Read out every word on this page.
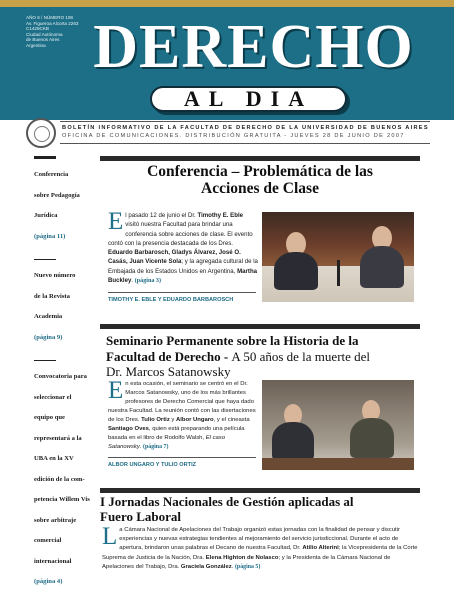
AÑO 6 / NÚMERO 108
Av. Figueroa Alcorta 2263
C1425CKB
Ciudad Autónoma
de Buenos Aires
Argentina DERECHO
AL DIA
BOLETÍN INFORMATIVO DE LA FACULTAD DE DERECHO DE LA UNIVERSIDAD DE BUENOS AIRES
OFICINA DE COMUNICACIONES. DISTRIBUCIÓN GRATUITA - JUEVES 28 DE JUNIO DE 2007
Conferencia
sobre Pedagogía
Jurídica
(página 11)
Nuevo número
de la Revista
Academia
(página 9)
Convocatoria para
seleccionar el
equipo que
representará a la
UBA en la XV
edición de la com-
petencia Willem Vis
sobre arbitraje
comercial
internacional
(página 4)
Conferencia – Problemática de las
Acciones de Clase
El pasado 12 de junio el Dr. Timothy E. Eble visitó nuestra Facultad para brindar una conferencia sobre acciones de clase. El evento contó con la presencia destacada de los Dres. Eduardo Barbarosch, Gladys Álvarez, José O. Casás, Juan Vicente Sola; y la agregada cultural de la Embajada de los Estados Unidos en Argentina, Martha Buckley. (página 3)
TIMOTHY E. EBLE Y EDUARDO BARBAROSCH
Seminario Permanente sobre la Historia de la
Facultad de Derecho - A 50 años de la muerte del
Dr. Marcos Satanowsky
En esta ocasión, el seminario se centró en el Dr. Marcos Satanowsky, uno de los más brillantes profesores de Derecho Comercial que haya dado nuestra Facultad. La reunión contó con las disertaciones de los Dres. Tulio Ortiz y Albor Ungaro, y el cineasta Santiago Oves, quien está preparando una película basada en el libro de Rodolfo Walsh, El caso Satanowsky. (página 7)
ALBOR UNGARO Y TULIO ORTIZ
I Jornadas Nacionales de Gestión aplicadas al
Fuero Laboral
La Cámara Nacional de Apelaciones del Trabajo organizó estas jornadas con la finalidad de pensar y discutir experiencias y nuevas estrategias tendientes al mejoramiento del servicio jurisdiccional. Durante el acto de apertura, brindaron unas palabras el Decano de nuestra Facultad, Dr. Atilio Alterini; la Vicepresidenta de la Corte Suprema de Justicia de la Nación, Dra. Elena Highton de Nolasco; y la Presidenta de la Cámara Nacional de Apelaciones del Trabajo, Dra. Graciela González. (página 5)
